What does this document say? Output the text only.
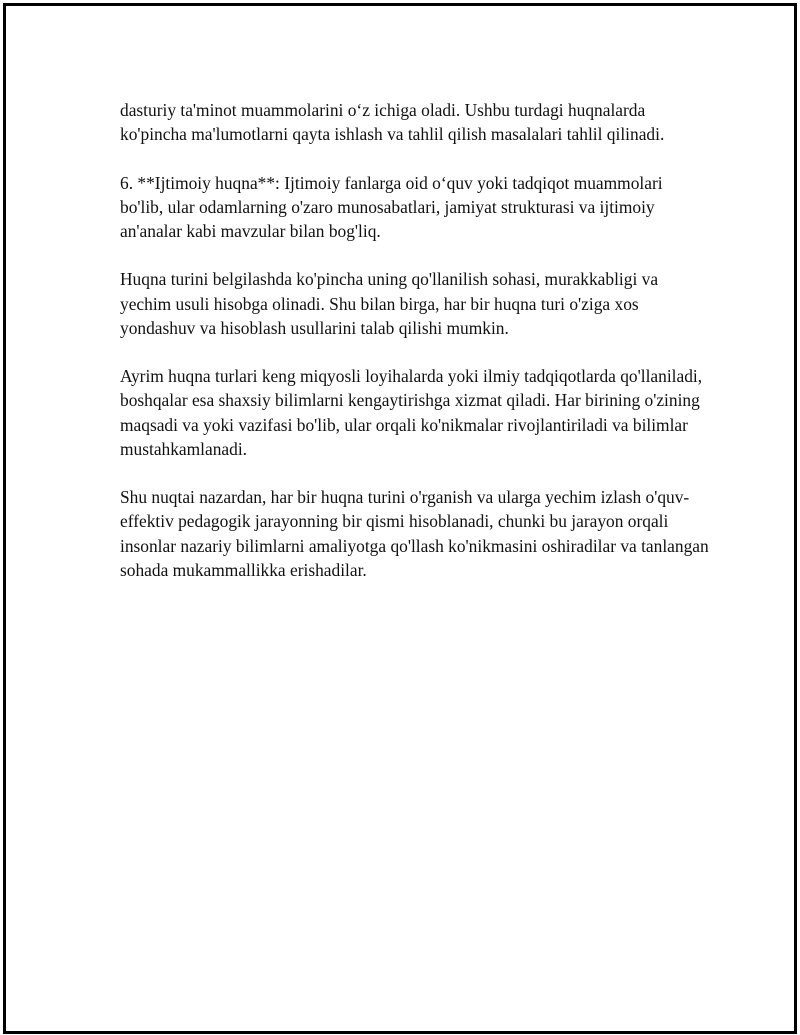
dasturiy ta'minot muammolarini o‘z ichiga oladi. Ushbu turdagi huqnalarda ko'pincha ma'lumotlarni qayta ishlash va tahlil qilish masalalari tahlil qilinadi.

6. **Ijtimoiy huqna**: Ijtimoiy fanlarga oid o‘quv yoki tadqiqot muammolari bo'lib, ular odamlarning o'zaro munosabatlari, jamiyat strukturasi va ijtimoiy an'analar kabi mavzular bilan bog'liq.

Huqna turini belgilashda ko'pincha uning qo'llanilish sohasi, murakkabligi va yechim usuli hisobga olinadi. Shu bilan birga, har bir huqna turi o'ziga xos yondashuv va hisoblash usullarini talab qilishi mumkin.

Ayrim huqna turlari keng miqyosli loyihalarda yoki ilmiy tadqiqotlarda qo'llaniladi, boshqalar esa shaxsiy bilimlarni kengaytirishga xizmat qiladi. Har birining o'zining maqsadi va yoki vazifasi bo'lib, ular orqali ko'nikmalar rivojlantiriladi va bilimlar mustahkamlanadi.

Shu nuqtai nazardan, har bir huqna turini o'rganish va ularga yechim izlash o'quv-effektiv pedagogik jarayonning bir qismi hisoblanadi, chunki bu jarayon orqali insonlar nazariy bilimlarni amaliyotga qo'llash ko'nikmasini oshiradilar va tanlangan sohada mukammallikka erishadilar.
